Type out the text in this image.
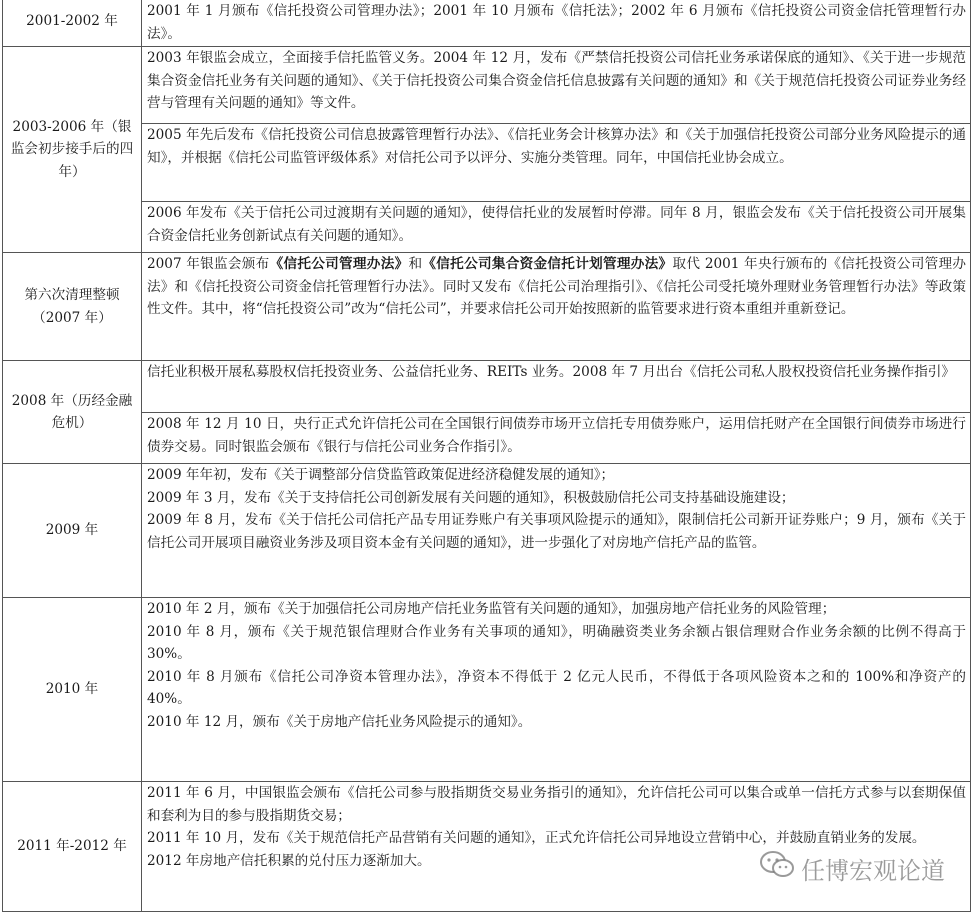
2001-2002 年	2001 年 1 月颁布《信托投资公司管理办法》；2001 年 10 月颁布《信托法》；2002 年 6 月颁布《信托投资公司资金信托管理暂行办法》。
2003-2006 年（银监会初步接手后的四年）	2003 年银监会成立，全面接手信托监管义务。2004 年 12 月，发布《严禁信托投资公司信托业务承诺保底的通知》、《关于进一步规范集合资金信托业务有关问题的通知》、《关于信托投资公司集合资金信托信息披露有关问题的通知》和《关于规范信托投资公司证券业务经营与管理有关问题的通知》等文件。
	2005 年先后发布《信托投资公司信息披露管理暂行办法》、《信托业务会计核算办法》和《关于加强信托投资公司部分业务风险提示的通知》，并根据《信托公司监管评级体系》对信托公司予以评分、实施分类管理。同年，中国信托业协会成立。
	2006 年发布《关于信托公司过渡期有关问题的通知》，使得信托业的发展暂时停滞。同年 8 月，银监会发布《关于信托投资公司开展集合资金信托业务创新试点有关问题的通知》。
第六次清理整顿（2007 年）	2007 年银监会颁布《信托公司管理办法》和《信托公司集合资金信托计划管理办法》取代 2001 年央行颁布的《信托投资公司管理办法》和《信托投资公司资金信托管理暂行办法》。同时又发布《信托公司治理指引》、《信托公司受托境外理财业务管理暂行办法》等政策性文件。其中，将“信托投资公司”改为“信托公司”，并要求信托公司开始按照新的监管要求进行资本重组并重新登记。
2008 年（历经金融危机）	信托业积极开展私募股权信托投资业务、公益信托业务、REITs 业务。2008 年 7 月出台《信托公司私人股权投资信托业务操作指引》
	2008 年 12 月 10 日，央行正式允许信托公司在全国银行间债券市场开立信托专用债券账户，运用信托财产在全国银行间债券市场进行债券交易。同时银监会颁布《银行与信托公司业务合作指引》。
2009 年	2009 年年初，发布《关于调整部分信贷监管政策促进经济稳健发展的通知》；
2009 年 3 月，发布《关于支持信托公司创新发展有关问题的通知》，积极鼓励信托公司支持基础设施建设；
2009 年 8 月，发布《关于信托公司信托产品专用证券账户有关事项风险提示的通知》，限制信托公司新开证券账户；9 月，颁布《关于信托公司开展项目融资业务涉及项目资本金有关问题的通知》，进一步强化了对房地产信托产品的监管。
2010 年	2010 年 2 月，颁布《关于加强信托公司房地产信托业务监管有关问题的通知》，加强房地产信托业务的风险管理；
2010 年 8 月，颁布《关于规范银信理财合作业务有关事项的通知》，明确融资类业务余额占银信理财合作业务余额的比例不得高于 30%。
2010 年 8 月颁布《信托公司净资本管理办法》，净资本不得低于 2 亿元人民币，不得低于各项风险资本之和的 100%和净资产的 40%。
2010 年 12 月，颁布《关于房地产信托业务风险提示的通知》。
2011 年-2012 年	2011 年 6 月，中国银监会颁布《信托公司参与股指期货交易业务指引的通知》，允许信托公司可以集合或单一信托方式参与以套期保值和套利为目的参与股指期货交易；
2011 年 10 月，发布《关于规范信托产品营销有关问题的通知》，正式允许信托公司异地设立营销中心，并鼓励直销业务的发展。
2012 年房地产信托积累的兑付压力逐渐加大。	任博宏观论道
